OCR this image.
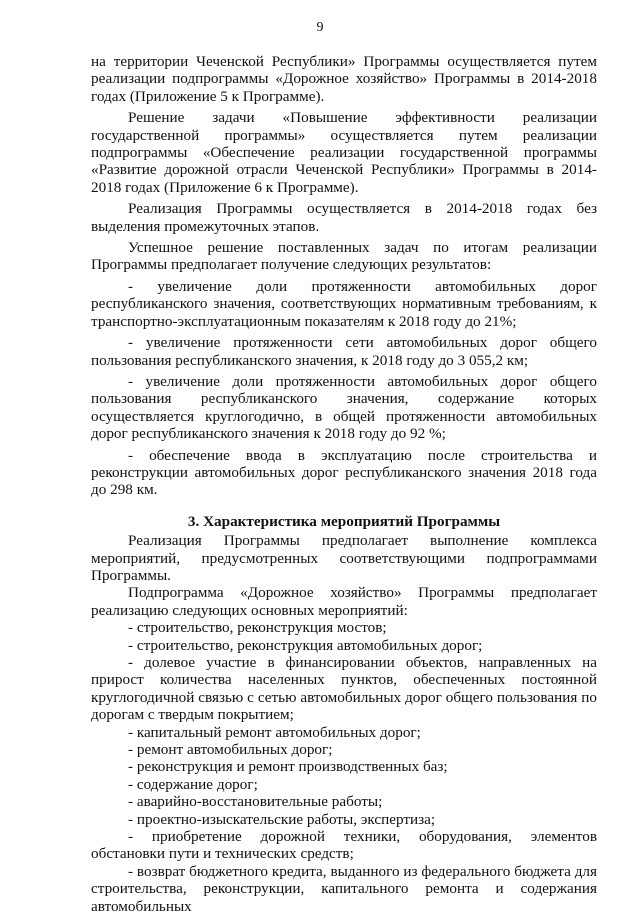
9

на территории Чеченской Республики» Программы осуществляется путем реализации подпрограммы «Дорожное хозяйство» Программы в 2014-2018 годах (Приложение 5 к Программе).

Решение задачи «Повышение эффективности реализации государственной программы» осуществляется путем реализации подпрограммы «Обеспечение реализации государственной программы «Развитие дорожной отрасли Чеченской Республики» Программы в 2014-2018 годах (Приложение 6 к Программе).

Реализация Программы осуществляется в 2014-2018 годах без выделения промежуточных этапов.

Успешное решение поставленных задач по итогам реализации Программы предполагает получение следующих результатов:

- увеличение доли протяженности автомобильных дорог республиканского значения, соответствующих нормативным требованиям, к транспортно-эксплуатационным показателям к 2018 году до 21%;

- увеличение протяженности сети автомобильных дорог общего пользования республиканского значения, к 2018 году до 3 055,2 км;

- увеличение доли протяженности автомобильных дорог общего пользования республиканского значения, содержание которых осуществляется круглогодично, в общей протяженности автомобильных дорог республиканского значения к 2018 году до 92 %;

- обеспечение ввода в эксплуатацию после строительства и реконструкции автомобильных дорог республиканского значения 2018 года до 298 км.

3. Характеристика мероприятий Программы

Реализация Программы предполагает выполнение комплекса мероприятий, предусмотренных соответствующими подпрограммами Программы.

Подпрограмма «Дорожное хозяйство» Программы предполагает реализацию следующих основных мероприятий:

- строительство, реконструкция мостов;

- строительство, реконструкция автомобильных дорог;

- долевое участие в финансировании объектов, направленных на прирост количества населенных пунктов, обеспеченных постоянной круглогодичной связью с сетью автомобильных дорог общего пользования по дорогам с твердым покрытием;

- капитальный ремонт автомобильных дорог;

- ремонт автомобильных дорог;

- реконструкция и ремонт производственных баз;

- содержание дорог;

- аварийно-восстановительные работы;

- проектно-изыскательские работы, экспертиза;

- приобретение дорожной техники, оборудования, элементов обстановки пути и технических средств;

- возврат бюджетного кредита, выданного из федерального бюджета для строительства, реконструкции, капитального ремонта и содержания автомобильных
